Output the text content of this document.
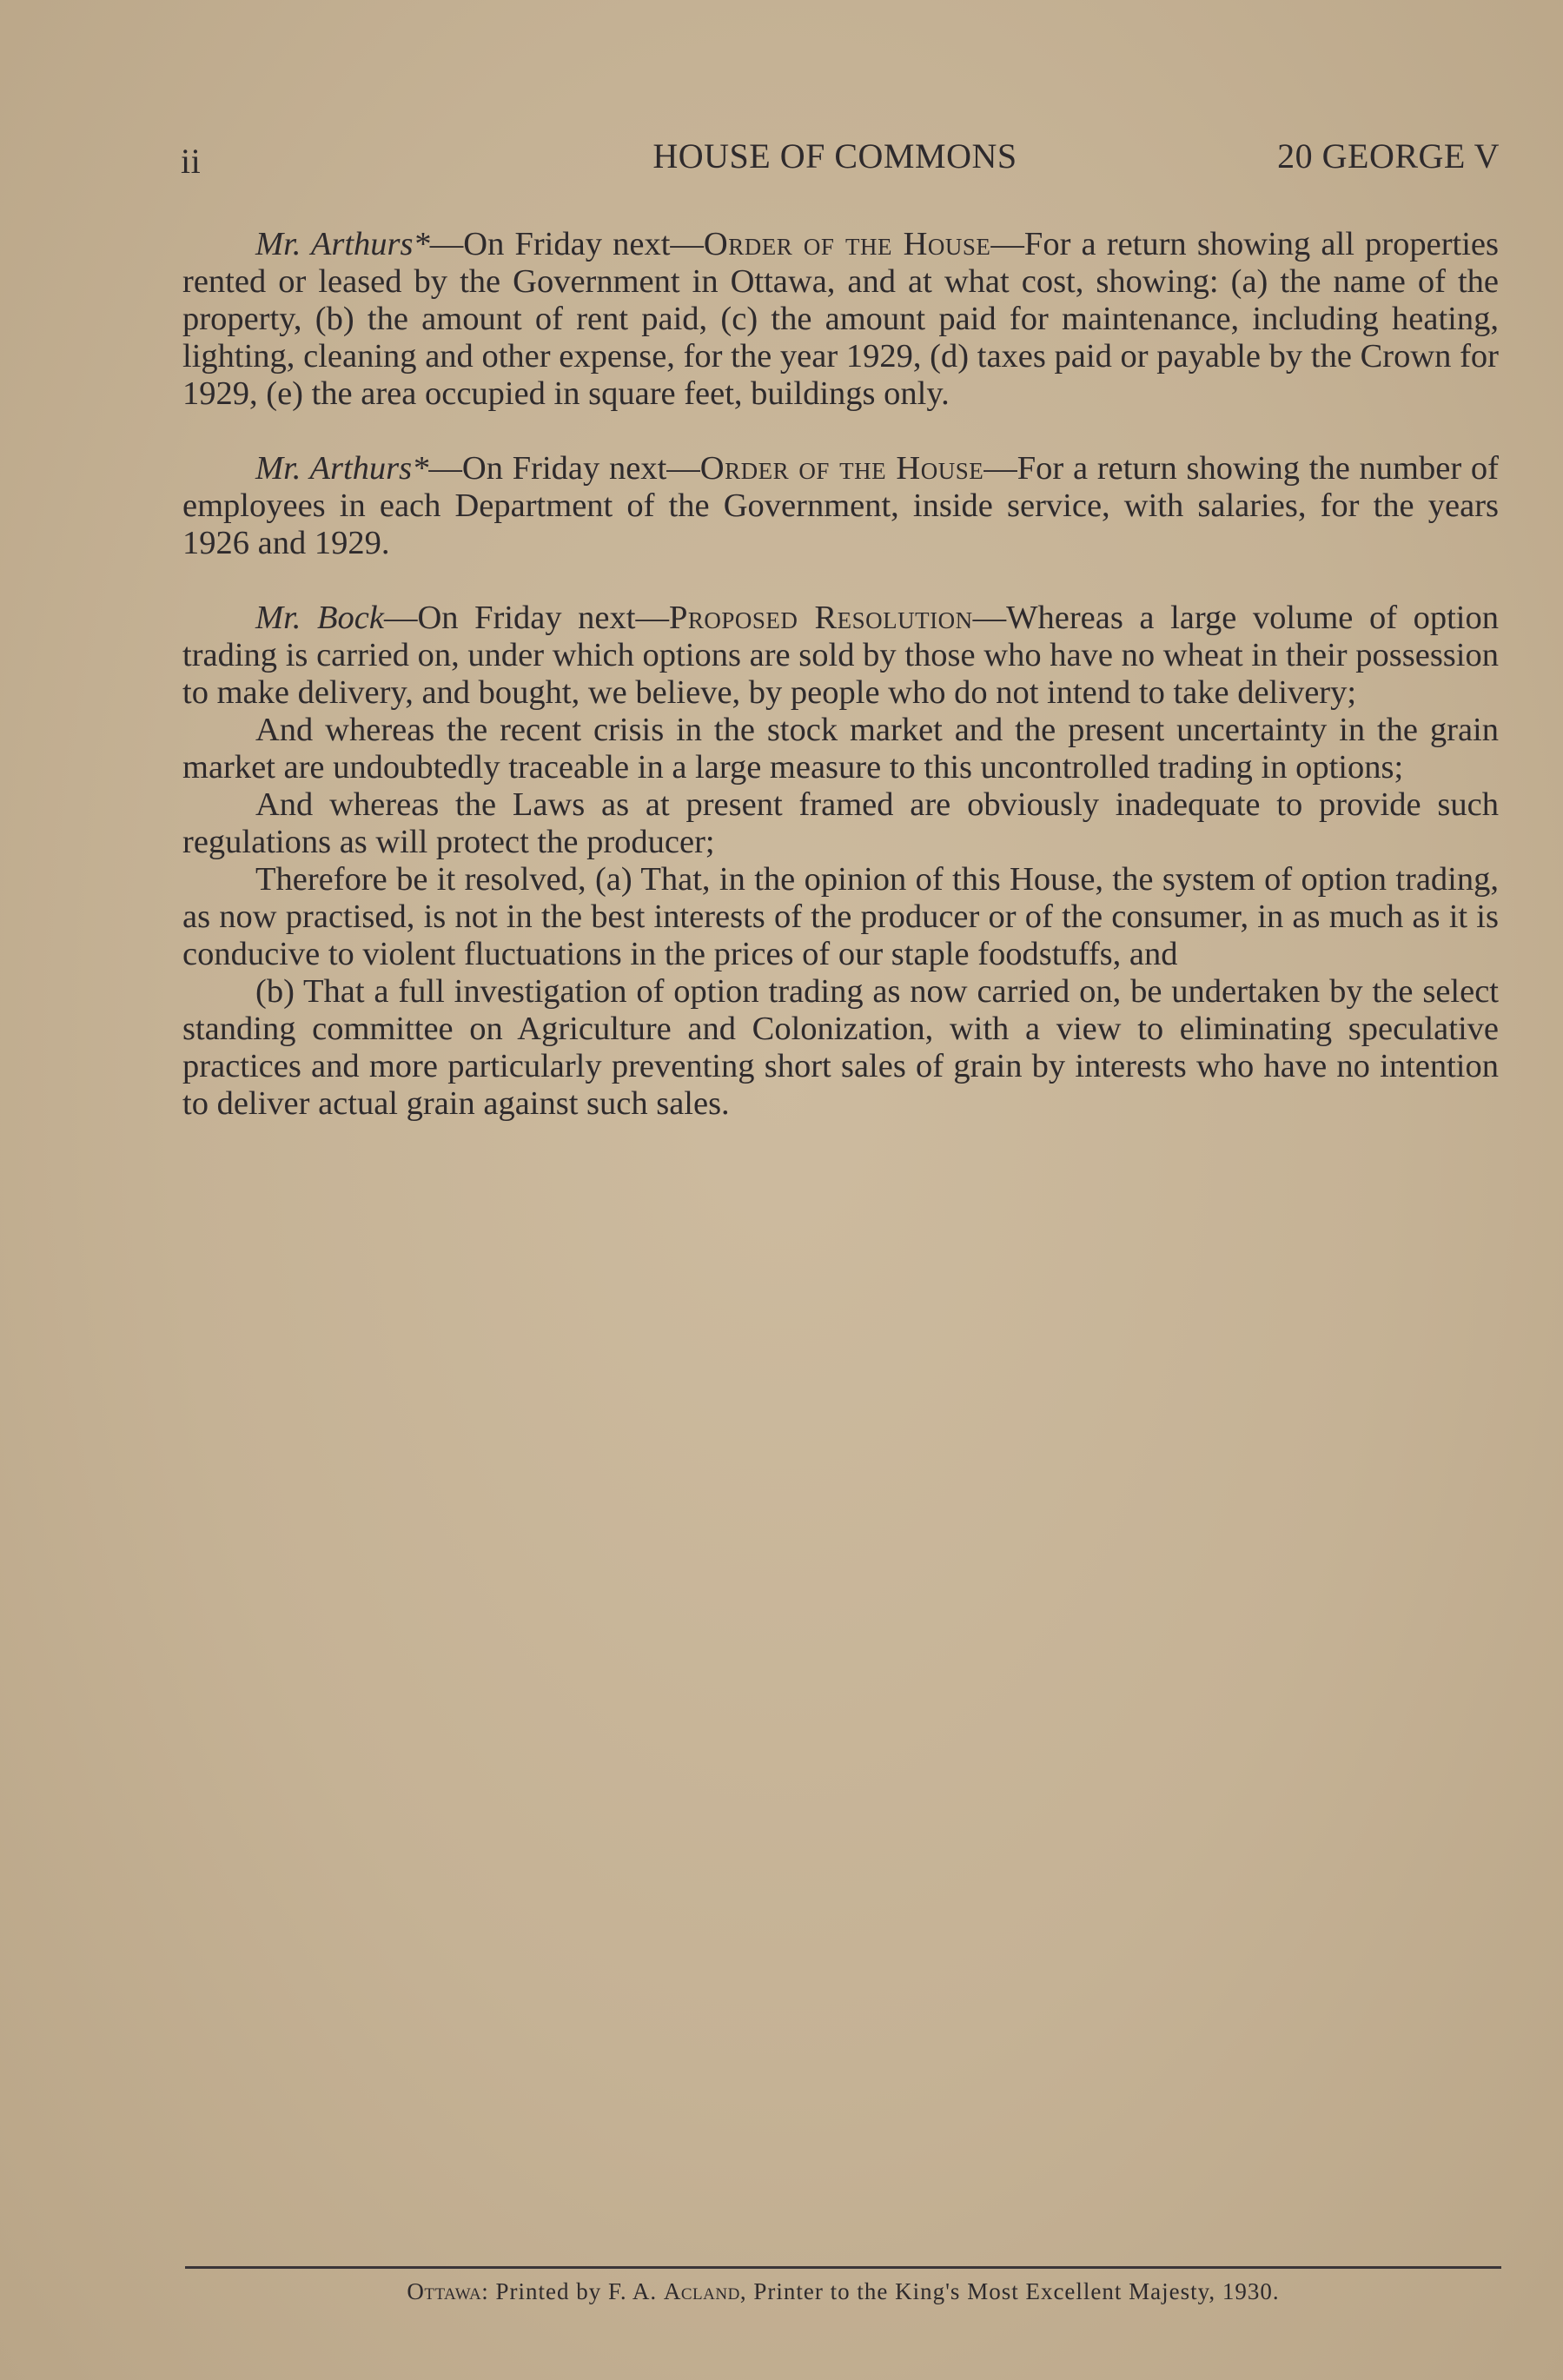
ii	HOUSE OF COMMONS	20 GEORGE V

Mr. Arthurs*—On Friday next—Order of the House—For a return showing all properties rented or leased by the Government in Ottawa, and at what cost, showing: (a) the name of the property, (b) the amount of rent paid, (c) the amount paid for maintenance, including heating, lighting, cleaning and other expense, for the year 1929, (d) taxes paid or payable by the Crown for 1929, (e) the area occupied in square feet, buildings only.

Mr. Arthurs*—On Friday next—Order of the House—For a return showing the number of employees in each Department of the Government, inside service, with salaries, for the years 1926 and 1929.

Mr. Bock—On Friday next—Proposed Resolution—Whereas a large volume of option trading is carried on, under which options are sold by those who have no wheat in their possession to make delivery, and bought, we believe, by people who do not intend to take delivery;

And whereas the recent crisis in the stock market and the present uncertainty in the grain market are undoubtedly traceable in a large measure to this uncontrolled trading in options;

And whereas the Laws as at present framed are obviously inadequate to provide such regulations as will protect the producer;

Therefore be it resolved, (a) That, in the opinion of this House, the system of option trading, as now practised, is not in the best interests of the producer or of the consumer, in as much as it is conducive to violent fluctuations in the prices of our staple foodstuffs, and

(b) That a full investigation of option trading as now carried on, be undertaken by the select standing committee on Agriculture and Colonization, with a view to eliminating speculative practices and more particularly preventing short sales of grain by interests who have no intention to deliver actual grain against such sales.

Ottawa: Printed by F. A. Acland, Printer to the King's Most Excellent Majesty, 1930.
